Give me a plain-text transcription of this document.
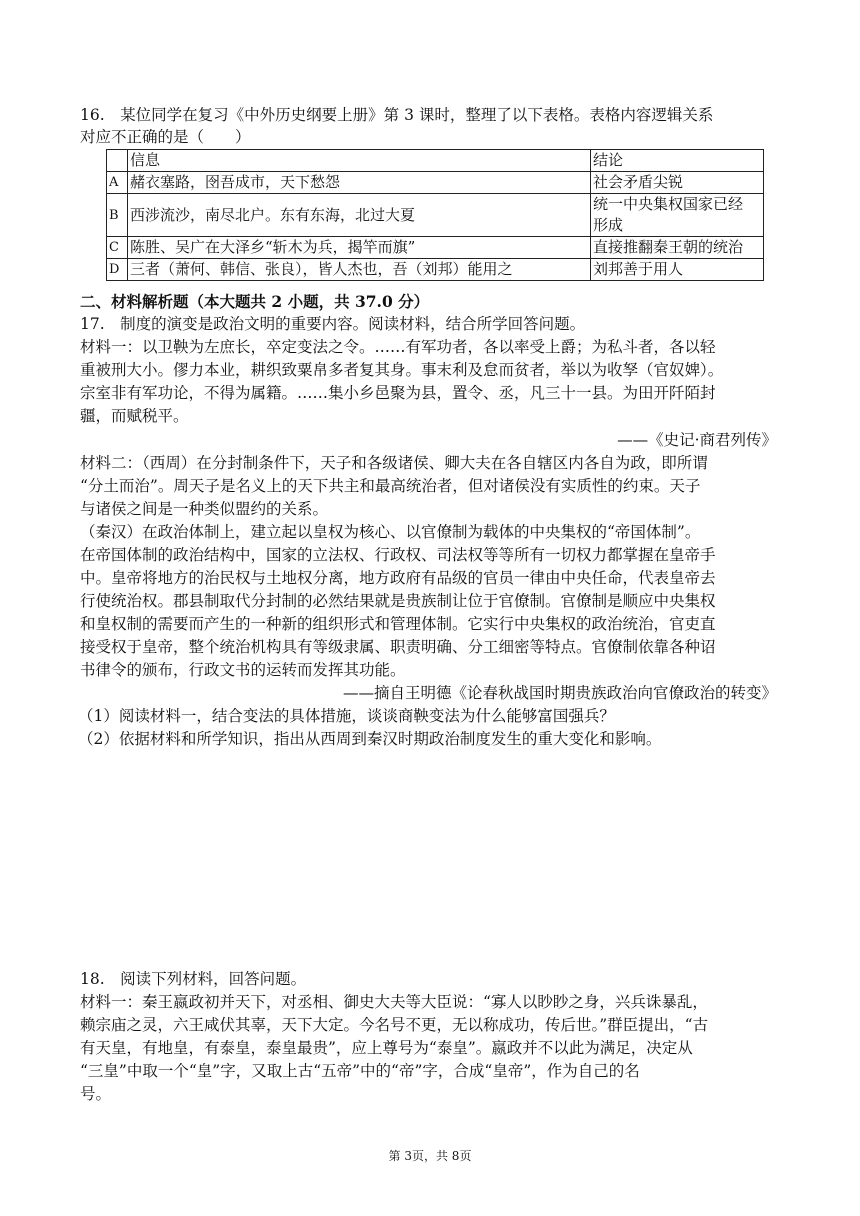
16.　某位同学在复习《中外历史纲要上册》第 3 课时，整理了以下表格。表格内容逻辑关系
对应不正确的是（　　）
	信息	结论
A	赭衣塞路，囹吾成市，天下愁怨	社会矛盾尖锐
B	西涉流沙，南尽北户。东有东海，北过大夏	统一中央集权国家已经
形成

C	陈胜、吴广在大泽乡“斩木为兵，揭竿而旗”	直接推翻秦王朝的统治
D	三者（萧何、韩信、张良），皆人杰也，吾（刘邦）能用之	刘邦善于用人
二、材料解析题（本大题共 2 小题，共 37.0 分）
17.　制度的演变是政治文明的重要内容。阅读材料，结合所学回答问题。
材料一：以卫鞅为左庶长，卒定变法之令。……有军功者，各以率受上爵；为私斗者，各以轻
重被刑大小。僇力本业，耕织致粟帛多者复其身。事末利及怠而贫者，举以为收孥（官奴婢）。
宗室非有军功论，不得为属籍。……集小乡邑聚为县，置令、丞，凡三十一县。为田开阡陌封
疆，而赋税平。
——《史记·商君列传》
材料二：（西周）在分封制条件下，天子和各级诸侯、卿大夫在各自辖区内各自为政，即所谓
“分土而治”。周天子是名义上的天下共主和最高统治者，但对诸侯没有实质性的约束。天子
与诸侯之间是一种类似盟约的关系。
（秦汉）在政治体制上，建立起以皇权为核心、以官僚制为载体的中央集权的“帝国体制”。
在帝国体制的政治结构中，国家的立法权、行政权、司法权等等所有一切权力都掌握在皇帝手
中。皇帝将地方的治民权与土地权分离，地方政府有品级的官员一律由中央任命，代表皇帝去
行使统治权。郡县制取代分封制的必然结果就是贵族制让位于官僚制。官僚制是顺应中央集权
和皇权制的需要而产生的一种新的组织形式和管理体制。它实行中央集权的政治统治，官吏直
接受权于皇帝，整个统治机构具有等级隶属、职责明确、分工细密等特点。官僚制依靠各种诏
书律令的颁布，行政文书的运转而发挥其功能。
——摘自王明德《论春秋战国时期贵族政治向官僚政治的转变》
（1）阅读材料一，结合变法的具体措施，谈谈商鞅变法为什么能够富国强兵？
（2）依据材料和所学知识，指出从西周到秦汉时期政治制度发生的重大变化和影响。
18.　阅读下列材料，回答问题。
材料一：秦王嬴政初并天下，对丞相、御史大夫等大臣说：“寡人以眇眇之身，兴兵诛暴乱，
赖宗庙之灵，六王咸伏其辜，天下大定。今名号不更，无以称成功，传后世。”群臣提出，“古
有天皇，有地皇，有泰皇，泰皇最贵”，应上尊号为“泰皇”。嬴政并不以此为满足，决定从
“三皇”中取一个“皇”字，又取上古“五帝”中的“帝”字，合成“皇帝”，作为自己的名
号。
第 3页，共 8页
